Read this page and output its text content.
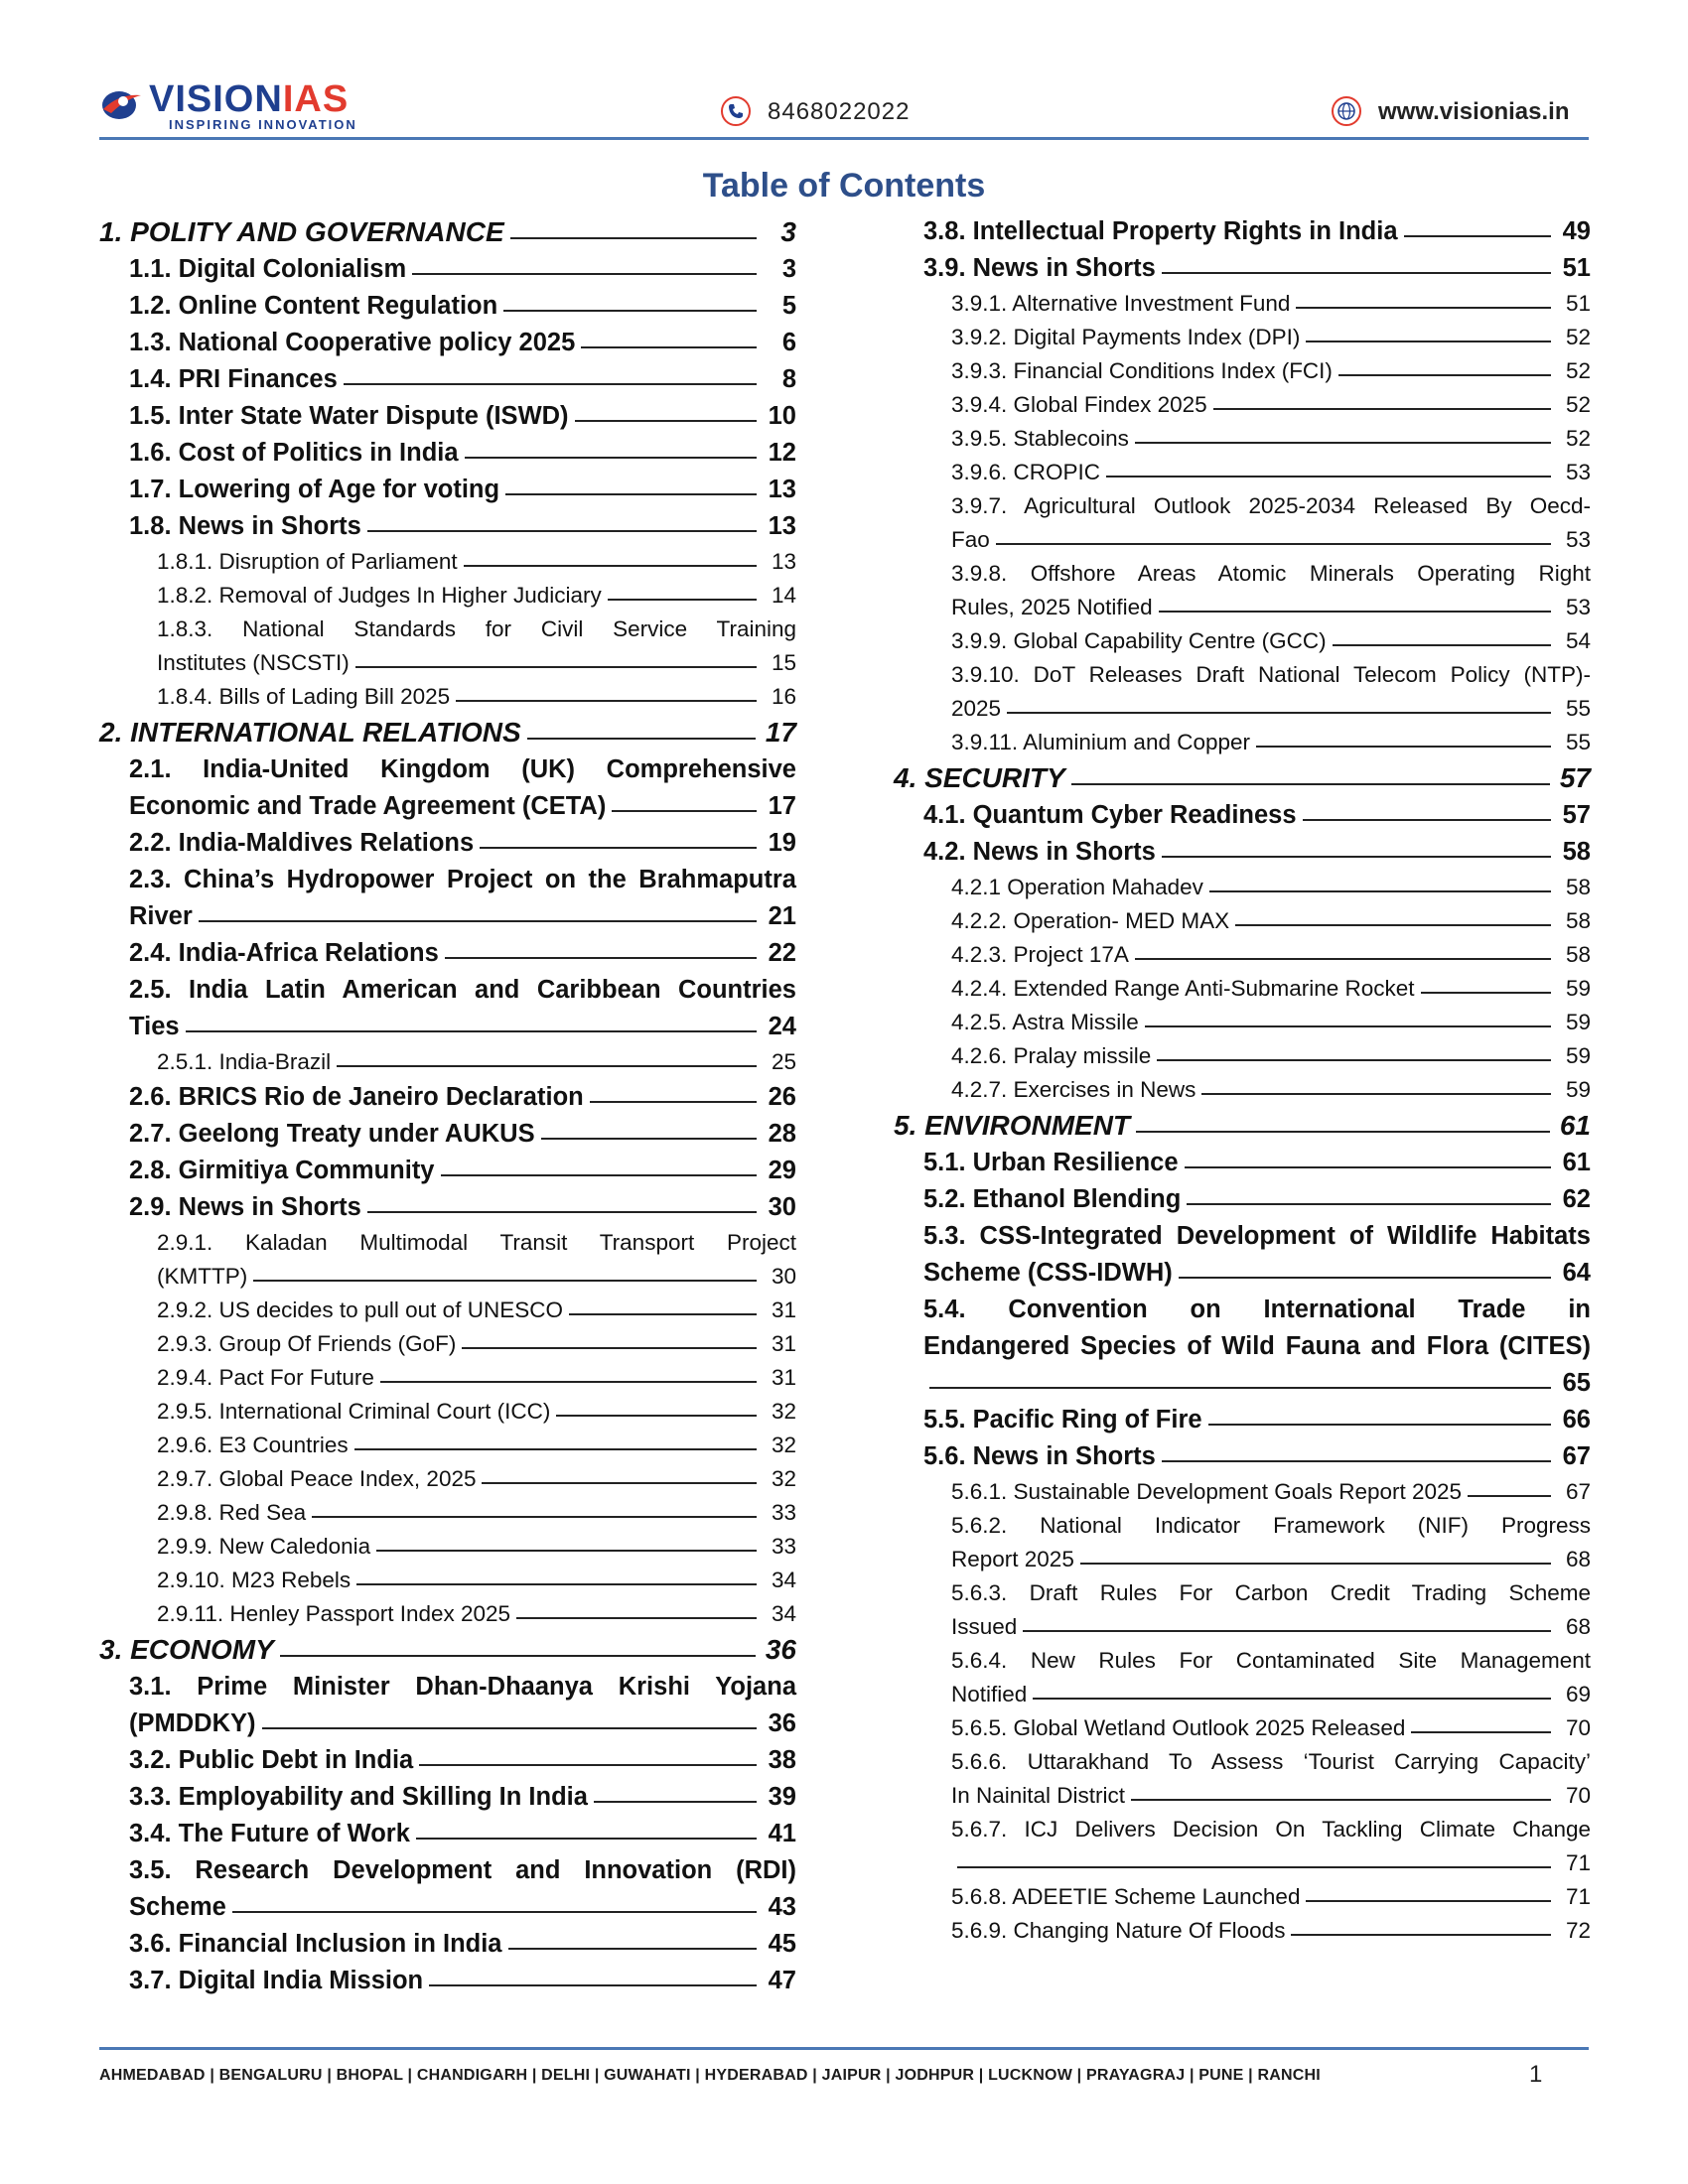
VISIONIAS
INSPIRING INNOVATION	8468022022	www.visionias.in
Table of Contents
1. POLITY AND GOVERNANCE	3
1.1. Digital Colonialism	3
1.2. Online Content Regulation	5
1.3. National Cooperative policy 2025	6
1.4. PRI Finances	8
1.5. Inter State Water Dispute (ISWD)	10
1.6. Cost of Politics in India	12
1.7. Lowering of Age for voting	13
1.8. News in Shorts	13
1.8.1. Disruption of Parliament	13
1.8.2. Removal of Judges In Higher Judiciary	14
1.8.3. National Standards for Civil Service Training
Institutes (NSCSTI)	15
1.8.4. Bills of Lading Bill 2025	16
2. INTERNATIONAL RELATIONS	17
2.1. India-United Kingdom (UK) Comprehensive
Economic and Trade Agreement (CETA)	17
2.2. India-Maldives Relations	19
2.3. China’s Hydropower Project on the Brahmaputra
River	21
2.4. India-Africa Relations	22
2.5. India Latin American and Caribbean Countries
Ties	24
2.5.1. India-Brazil	25
2.6. BRICS Rio de Janeiro Declaration	26
2.7. Geelong Treaty under AUKUS	28
2.8. Girmitiya Community	29
2.9. News in Shorts	30
2.9.1. Kaladan Multimodal Transit Transport Project
(KMTTP)	30
2.9.2. US decides to pull out of UNESCO	31
2.9.3. Group Of Friends (GoF)	31
2.9.4. Pact For Future	31
2.9.5. International Criminal Court (ICC)	32
2.9.6. E3 Countries	32
2.9.7. Global Peace Index, 2025	32
2.9.8. Red Sea	33
2.9.9. New Caledonia	33
2.9.10. M23 Rebels	34
2.9.11. Henley Passport Index 2025	34
3. ECONOMY	36
3.1. Prime Minister Dhan-Dhaanya Krishi Yojana
(PMDDKY)	36
3.2. Public Debt in India	38
3.3. Employability and Skilling In India	39
3.4. The Future of Work	41
3.5. Research Development and Innovation (RDI)
Scheme	43
3.6. Financial Inclusion in India	45
3.7. Digital India Mission	47
3.8. Intellectual Property Rights in India	49
3.9. News in Shorts	51
3.9.1. Alternative Investment Fund	51
3.9.2. Digital Payments Index (DPI)	52
3.9.3. Financial Conditions Index (FCI)	52
3.9.4. Global Findex 2025	52
3.9.5. Stablecoins	52
3.9.6. CROPIC	53
3.9.7. Agricultural Outlook 2025-2034 Released By Oecd-
Fao	53
3.9.8. Offshore Areas Atomic Minerals Operating Right
Rules, 2025 Notified	53
3.9.9. Global Capability Centre (GCC)	54
3.9.10. DoT Releases Draft National Telecom Policy (NTP)-
2025	55
3.9.11. Aluminium and Copper	55
4. SECURITY	57
4.1. Quantum Cyber Readiness	57
4.2. News in Shorts	58
4.2.1 Operation Mahadev	58
4.2.2. Operation- MED MAX	58
4.2.3. Project 17A	58
4.2.4. Extended Range Anti-Submarine Rocket	59
4.2.5. Astra Missile	59
4.2.6. Pralay missile	59
4.2.7. Exercises in News	59
5. ENVIRONMENT	61
5.1. Urban Resilience	61
5.2. Ethanol Blending	62
5.3. CSS-Integrated Development of Wildlife Habitats
Scheme (CSS-IDWH)	64
5.4. Convention on International Trade in
Endangered Species of Wild Fauna and Flora (CITES)
65
5.5. Pacific Ring of Fire	66
5.6. News in Shorts	67
5.6.1. Sustainable Development Goals Report 2025	67
5.6.2. National Indicator Framework (NIF) Progress
Report 2025	68
5.6.3. Draft Rules For Carbon Credit Trading Scheme
Issued	68
5.6.4. New Rules For Contaminated Site Management
Notified	69
5.6.5. Global Wetland Outlook 2025 Released	70
5.6.6. Uttarakhand To Assess ‘Tourist Carrying Capacity’
In Nainital District	70
5.6.7. ICJ Delivers Decision On Tackling Climate Change
71
5.6.8. ADEETIE Scheme Launched	71
5.6.9. Changing Nature Of Floods	72
AHMEDABAD | BENGALURU | BHOPAL | CHANDIGARH | DELHI | GUWAHATI | HYDERABAD | JAIPUR | JODHPUR | LUCKNOW | PRAYAGRAJ | PUNE | RANCHI	1
